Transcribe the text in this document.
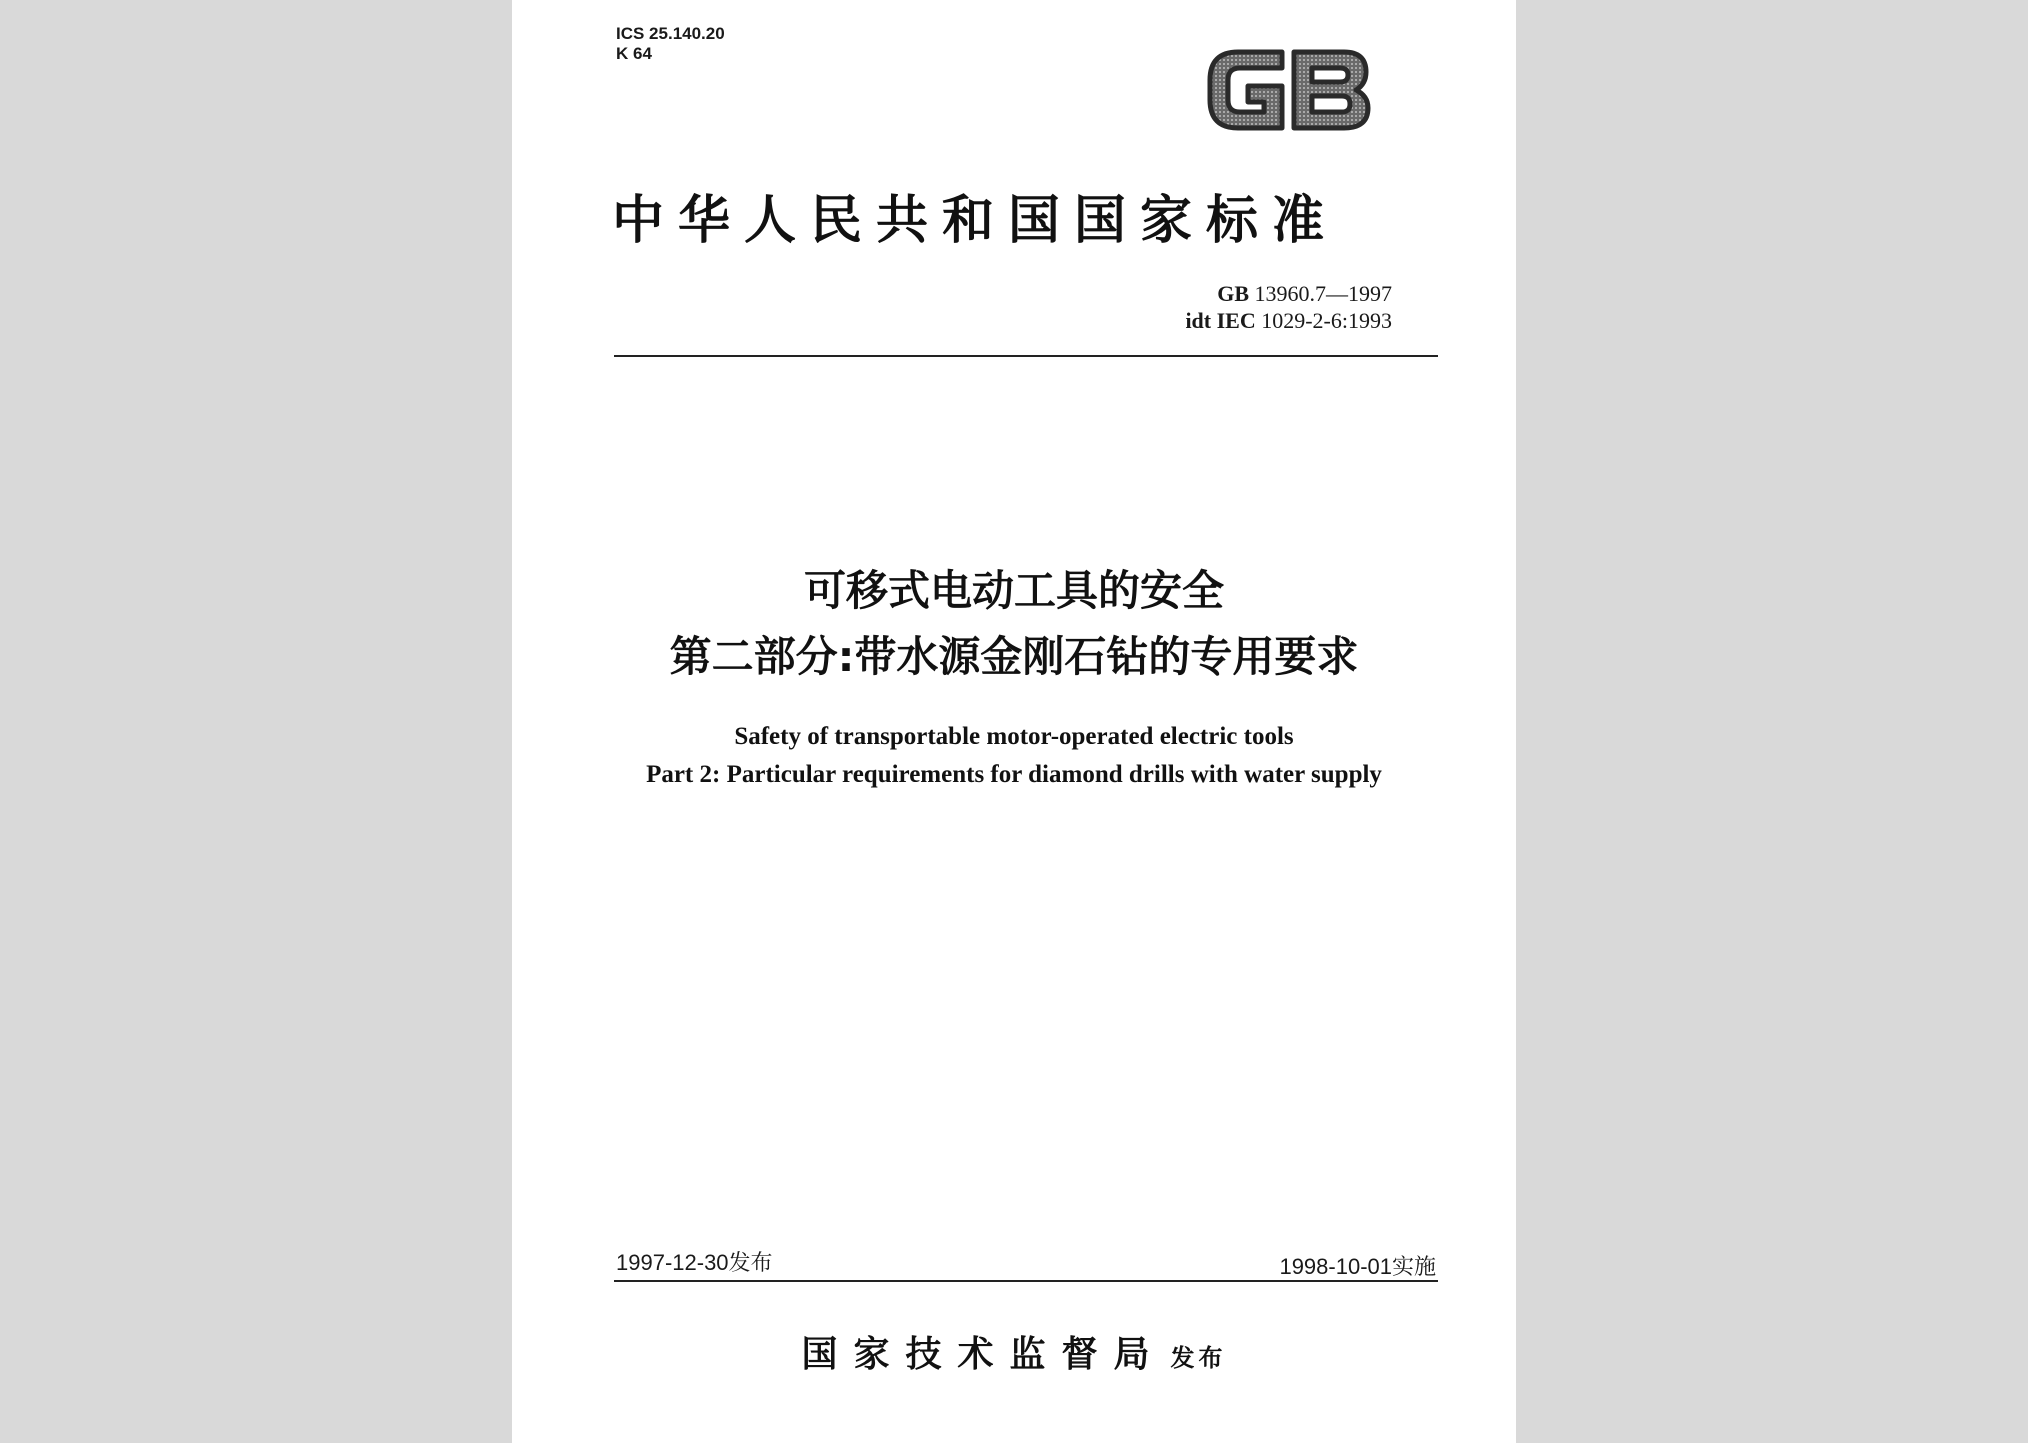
ICS 25.140.20
K 64
中华人民共和国国家标准
GB 13960.7—1997
idt IEC 1029-2-6:1993
可移式电动工具的安全
第二部分:带水源金刚石钻的专用要求
Safety of transportable motor-operated electric tools
Part 2: Particular requirements for diamond drills with water supply
1997-12-30发布	1998-10-01实施
国家技术监督局 发布
